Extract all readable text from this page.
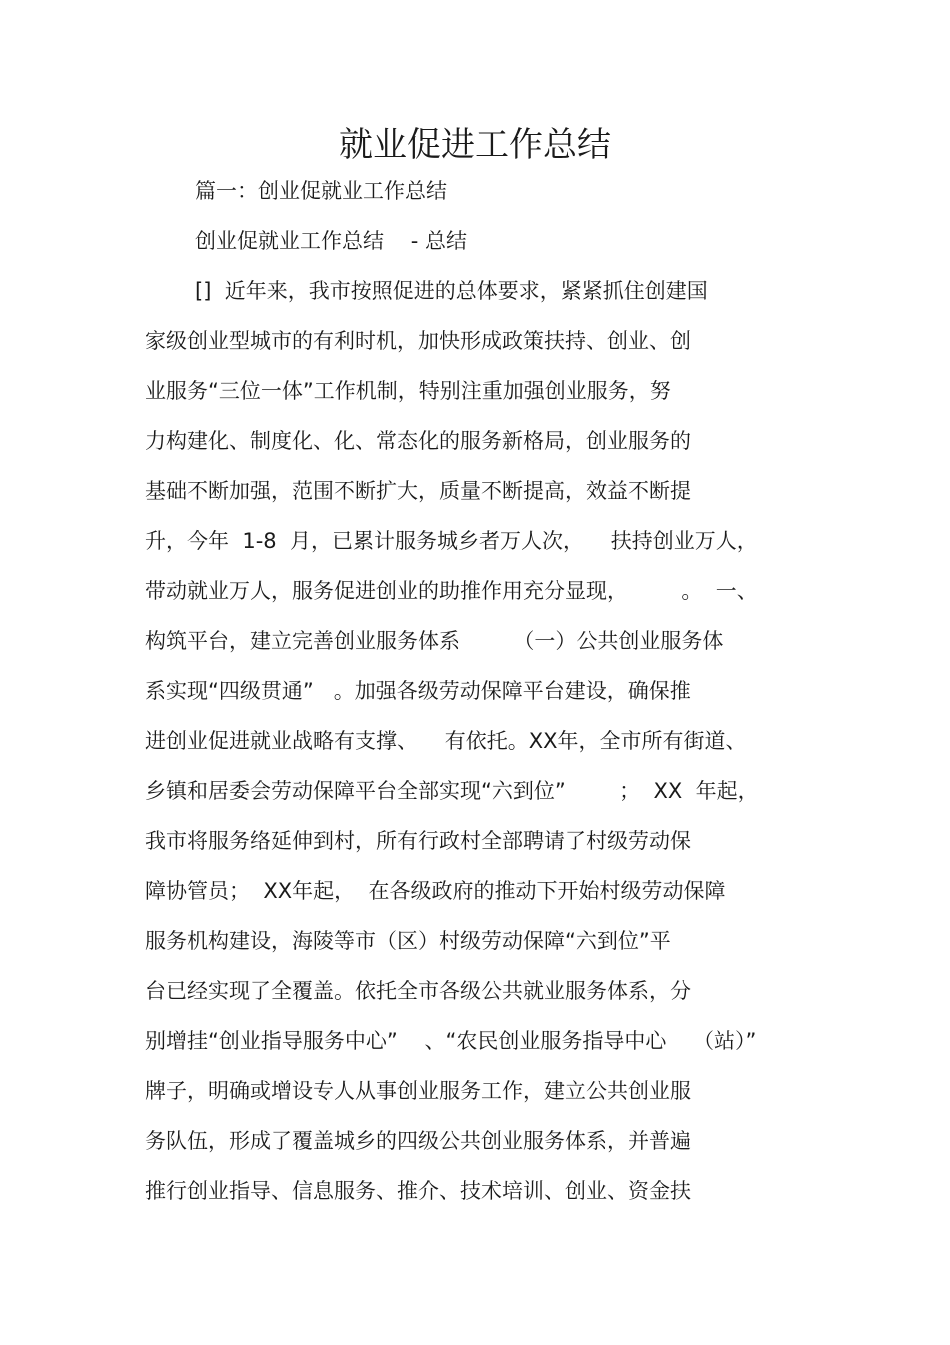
就业促进工作总结
篇一：创业促就业工作总结
创业促就业工作总结    - 总结
[]  近年来，我市按照促进的总体要求，紧紧抓住创建国
家级创业型城市的有利时机，加快形成政策扶持、创业、创
业服务“三位一体”工作机制，特别注重加强创业服务，努
力构建化、制度化、化、常态化的服务新格局，创业服务的
基础不断加强，范围不断扩大，质量不断提高，效益不断提
升，今年  1-8  月，已累计服务城乡者万人次，    扶持创业万人，
带动就业万人，服务促进创业的助推作用充分显现，        。  一、
构筑平台，建立完善创业服务体系        （一）公共创业服务体
系实现“四级贯通”   。加强各级劳动保障平台建设，确保推
进创业促进就业战略有支撑、    有依托。XX年，全市所有街道、
乡镇和居委会劳动保障平台全部实现“六到位”        ；  XX  年起，
我市将服务络延伸到村，所有行政村全部聘请了村级劳动保
障协管员；  XX年起，  在各级政府的推动下开始村级劳动保障
服务机构建设，海陵等市（区）村级劳动保障“六到位”平
台已经实现了全覆盖。依托全市各级公共就业服务体系，分
别增挂“创业指导服务中心”    、“农民创业服务指导中心    （站）”
牌子，明确或增设专人从事创业服务工作，建立公共创业服
务队伍，形成了覆盖城乡的四级公共创业服务体系，并普遍
推行创业指导、信息服务、推介、技术培训、创业、资金扶
